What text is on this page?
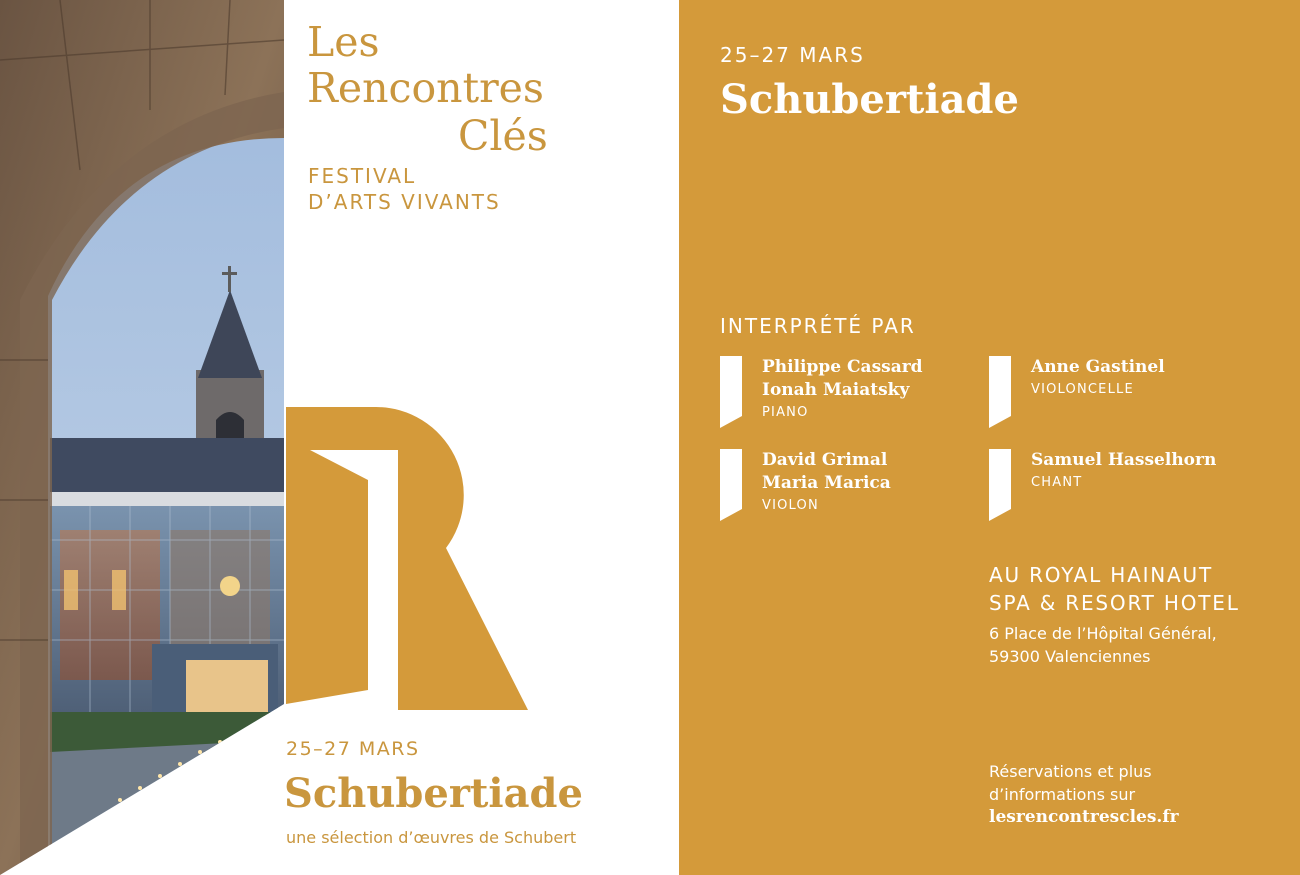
Les
Rencontres
Clés
FESTIVAL
D’ARTS VIVANTS
25–27 MARS
Schubertiade
une sélection d’œuvres de Schubert
25–27 MARS
Schubertiade
INTERPRÉTÉ PAR
Philippe Cassard
Ionah Maiatsky
PIANO
Anne Gastinel
VIOLONCELLE
David Grimal
Maria Marica
VIOLON
Samuel Hasselhorn
CHANT
AU ROYAL HAINAUT
SPA & RESORT HOTEL
6 Place de l’Hôpital Général,
59300 Valenciennes
Réservations et plus
d’informations sur
lesrencontrescles.fr
